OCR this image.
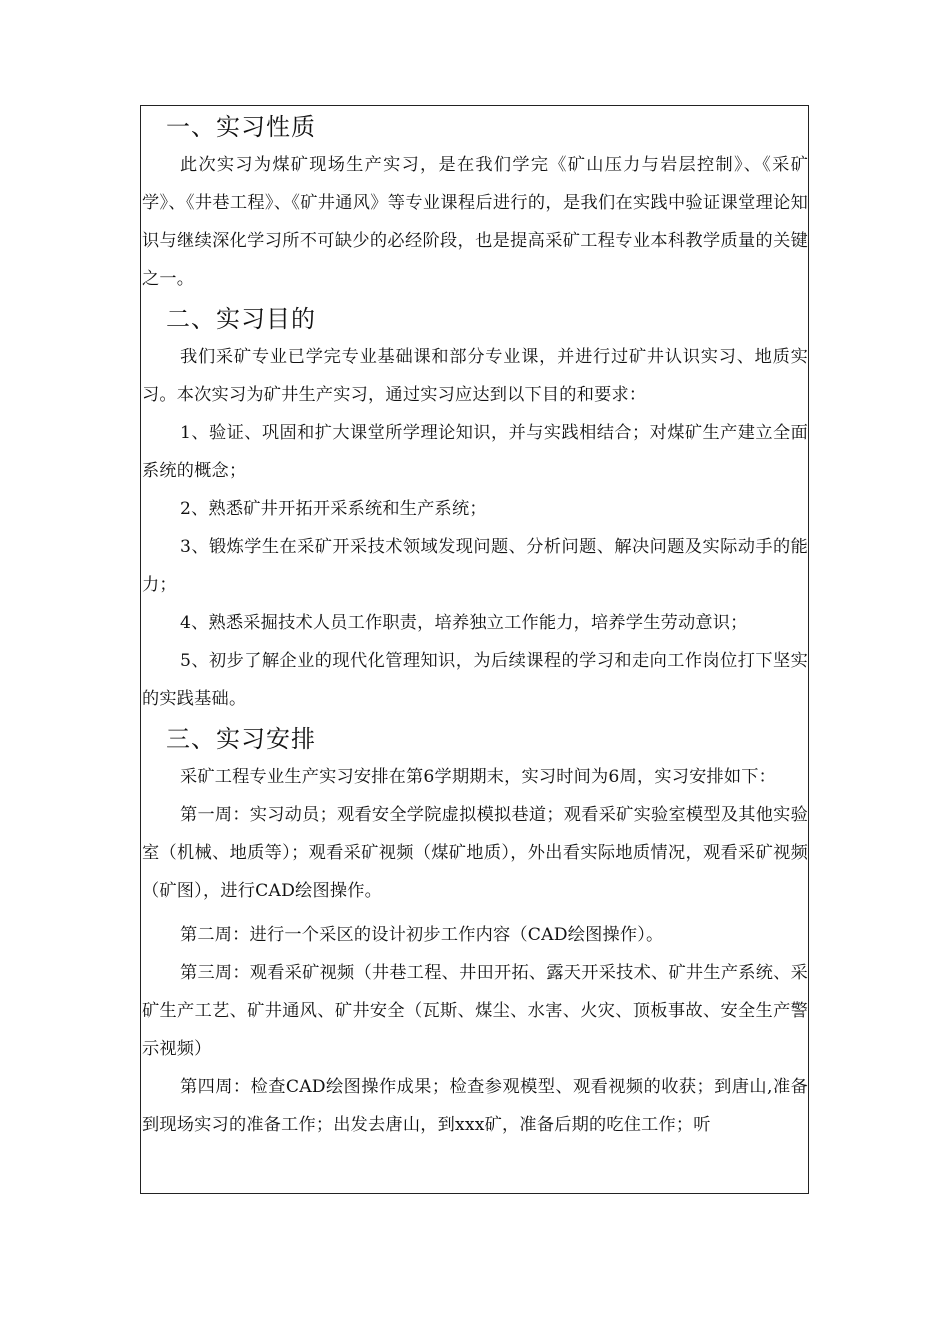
一、实习性质

此次实习为煤矿现场生产实习，是在我们学完《矿山压力与岩层控制》、《采矿学》、《井巷工程》、《矿井通风》等专业课程后进行的，是我们在实践中验证课堂理论知识与继续深化学习所不可缺少的必经阶段，也是提高采矿工程专业本科教学质量的关键之一。

二、实习目的

我们采矿专业已学完专业基础课和部分专业课，并进行过矿井认识实习、地质实习。本次实习为矿井生产实习，通过实习应达到以下目的和要求：

1、验证、巩固和扩大课堂所学理论知识，并与实践相结合；对煤矿生产建立全面系统的概念；

2、熟悉矿井开拓开采系统和生产系统；

3、锻炼学生在采矿开采技术领域发现问题、分析问题、解决问题及实际动手的能力；

4、熟悉采掘技术人员工作职责，培养独立工作能力，培养学生劳动意识；

5、初步了解企业的现代化管理知识，为后续课程的学习和走向工作岗位打下坚实的实践基础。

三、实习安排

采矿工程专业生产实习安排在第6学期期末，实习时间为6周，实习安排如下：

第一周：实习动员；观看安全学院虚拟模拟巷道；观看采矿实验室模型及其他实验室（机械、地质等）；观看采矿视频（煤矿地质），外出看实际地质情况，观看采矿视频（矿图），进行CAD绘图操作。

第二周：进行一个采区的设计初步工作内容（CAD绘图操作）。

第三周：观看采矿视频（井巷工程、井田开拓、露天开采技术、矿井生产系统、采矿生产工艺、矿井通风、矿井安全（瓦斯、煤尘、水害、火灾、顶板事故、安全生产警示视频）

第四周：检查CAD绘图操作成果；检查参观模型、观看视频的收获；到唐山,准备到现场实习的准备工作；出发去唐山，到xxx矿，准备后期的吃住工作；听
